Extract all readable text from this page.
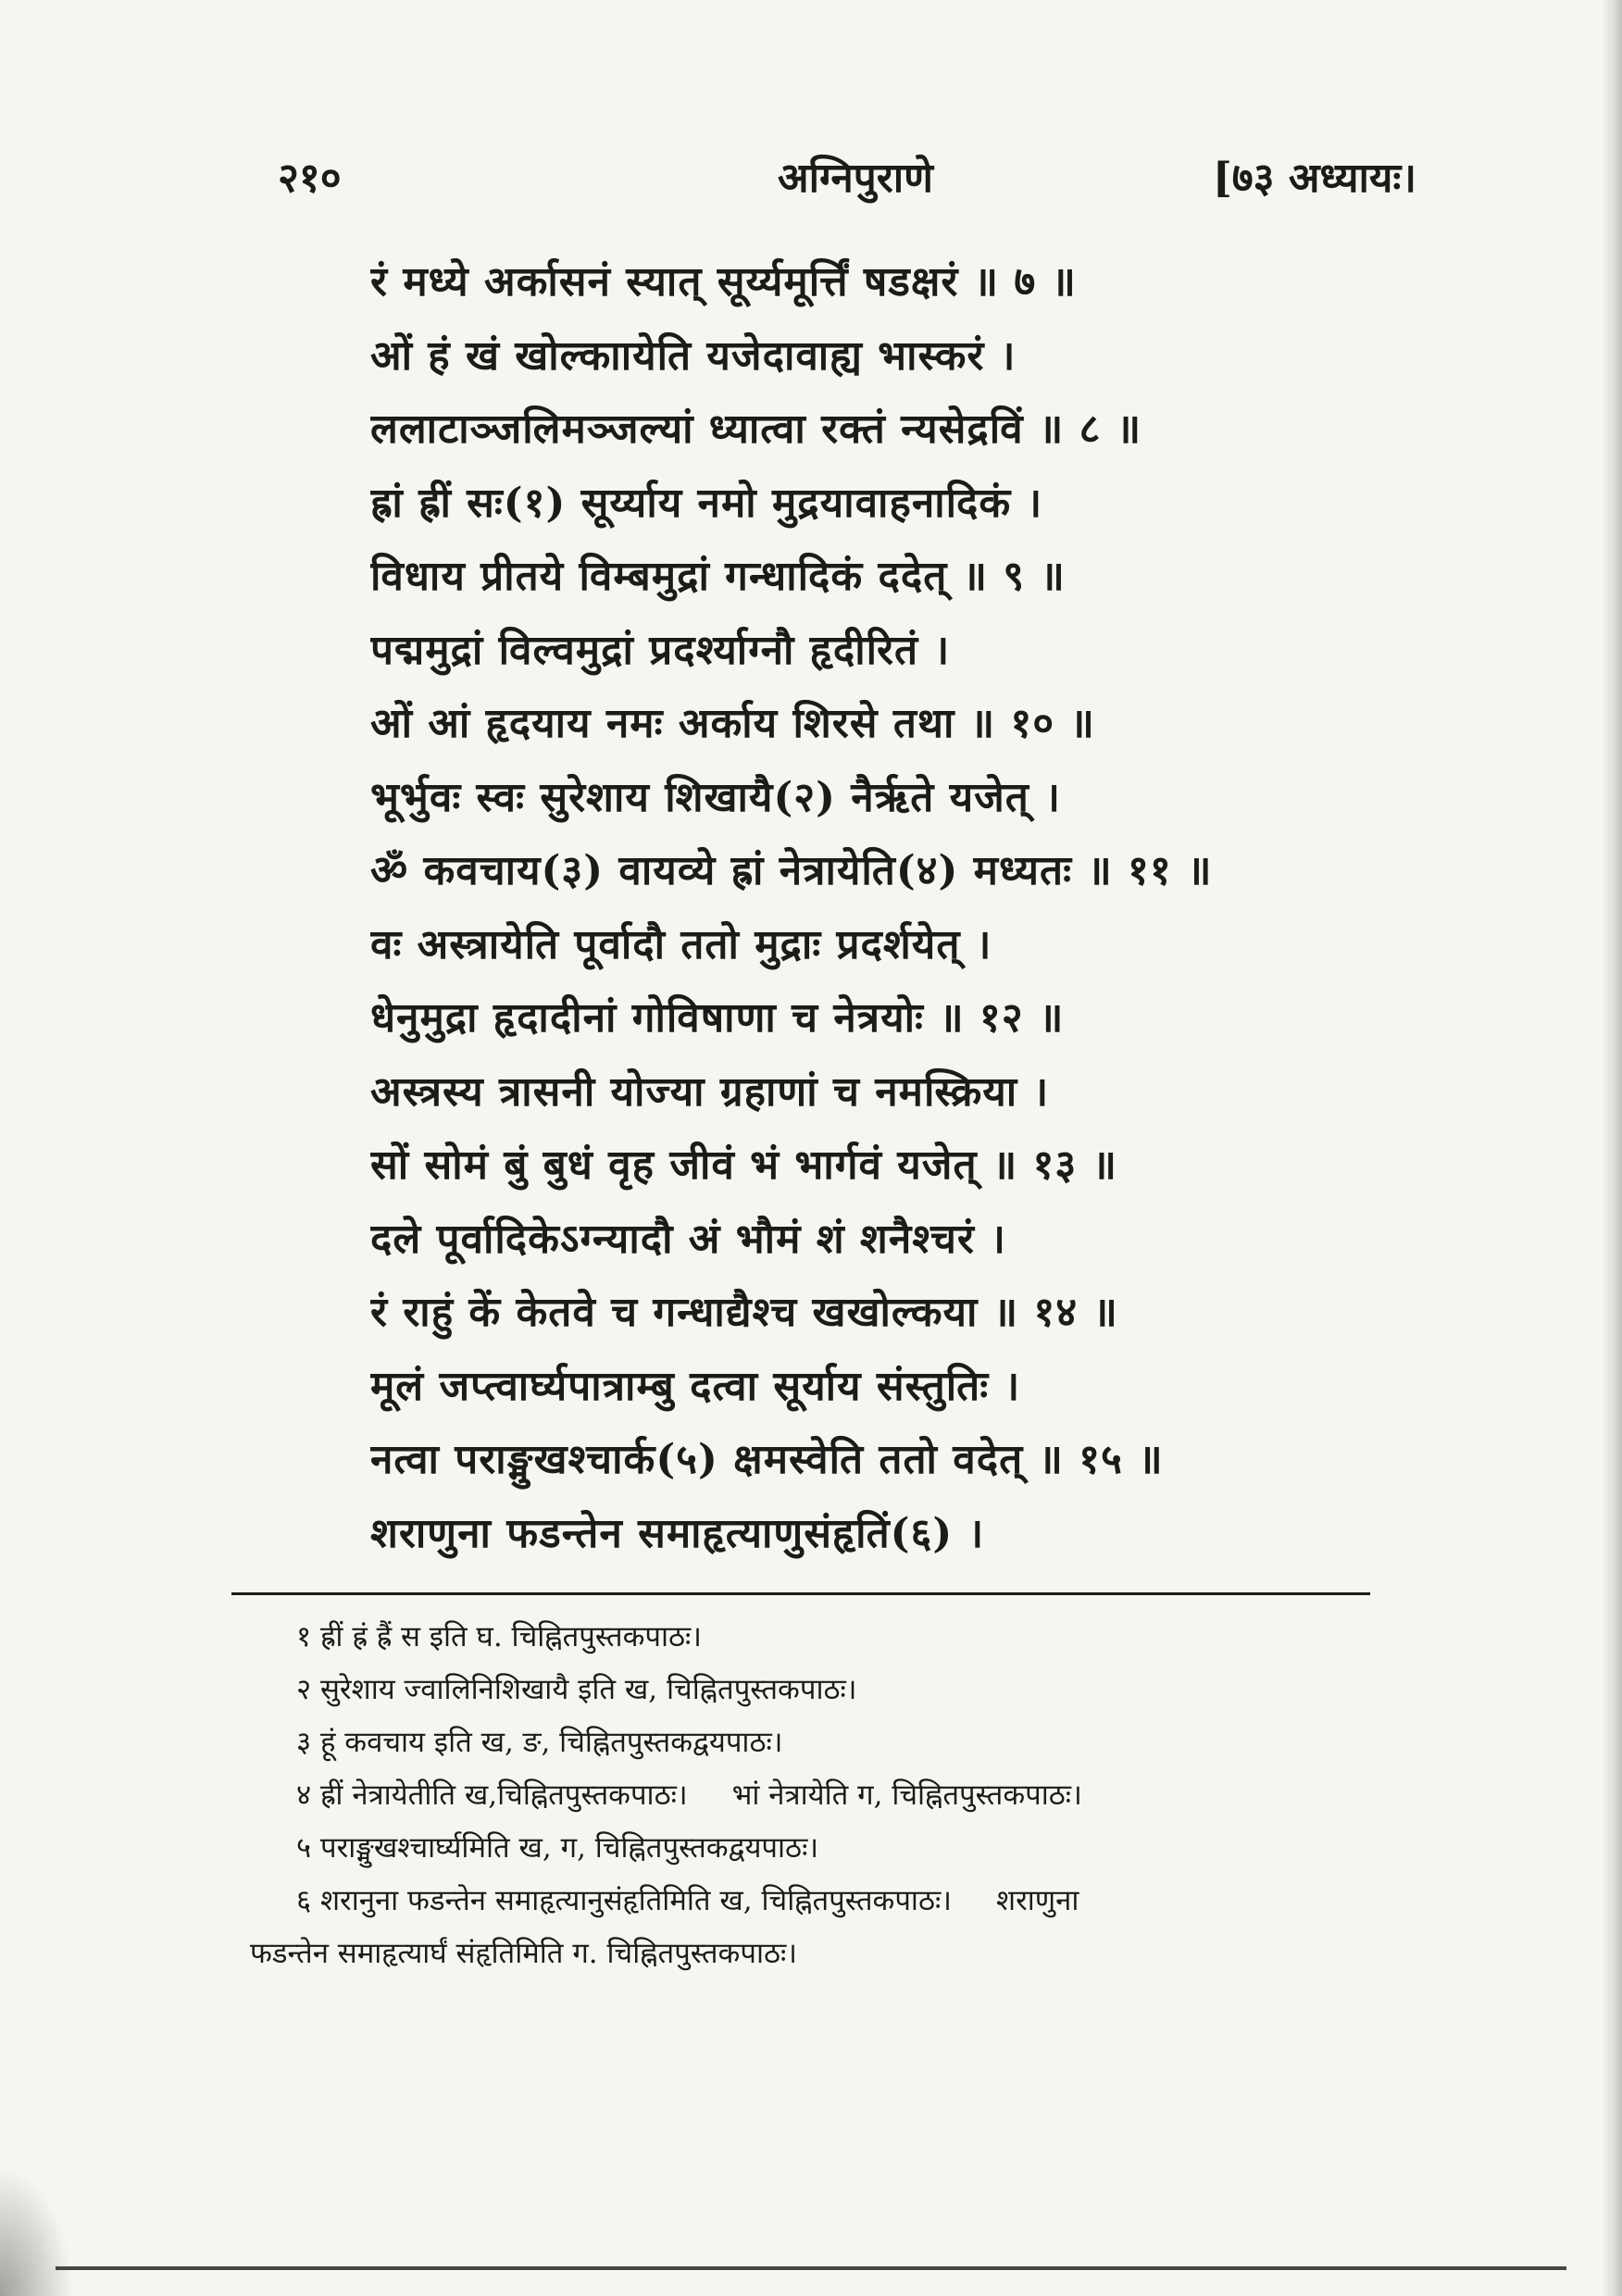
२१०	अग्निपुराणे	[७३ अध्यायः।
रं मध्ये अर्कासनं स्यात् सूर्य्यमूर्त्तिं षडक्षरं ॥ ७ ॥
ओं हं खं खोल्काायेति यजेदावाह्य भास्करं ।
ललाटाञ्जलिमञ्जल्यां ध्यात्वा रक्तं न्यसेद्रविं ॥ ८ ॥
ह्रां ह्रीं सः(१) सूर्य्याय नमो मुद्रयावाहनादिकं ।
विधाय प्रीतये विम्बमुद्रां गन्धादिकं ददेत् ॥ ९ ॥
पद्ममुद्रां विल्वमुद्रां प्रदर्श्याग्नौ हृदीरितं ।
ओं आं हृदयाय नमः अर्काय शिरसे तथा ॥ १० ॥
भूर्भुवः स्वः सुरेशाय शिखायै(२) नैर्ऋते यजेत् ।
ॐ कवचाय(३) वायव्ये ह्रां नेत्रायेति(४) मध्यतः ॥ ११ ॥
वः अस्त्रायेति पूर्वादौ ततो मुद्राः प्रदर्शयेत् ।
धेनुमुद्रा हृदादीनां गोविषाणा च नेत्रयोः ॥ १२ ॥
अस्त्रस्य त्रासनी योज्या ग्रहाणां च नमस्क्रिया ।
सों सोमं बुं बुधं वृह जीवं भं भार्गवं यजेत् ॥ १३ ॥
दले पूर्वादिकेऽग्न्यादौ अं भौमं शं शनैश्चरं ।
रं राहुं कें केतवे च गन्धाद्यैश्च खखोल्कया ॥ १४ ॥
मूलं जप्त्वार्घ्यपात्राम्बु दत्वा सूर्याय संस्तुतिः ।
नत्वा पराङ्मुखश्चार्क(५) क्षमस्वेति ततो वदेत् ॥ १५ ॥
शराणुना फडन्तेन समाहृत्याणुसंहृतिं(६) ।
१ ह्रीं ह्रं ह्रैं स इति घ. चिह्नितपुस्तकपाठः।
२ सुरेशाय ज्वालिनिशिखायै इति ख, चिह्नितपुस्तकपाठः।
३ हूं कवचाय इति ख, ङ, चिह्नितपुस्तकद्वयपाठः।
४ ह्रीं नेत्रायेतीति ख,चिह्नितपुस्तकपाठः। भां नेत्रायेति ग, चिह्नितपुस्तकपाठः।
५ पराङ्मुखश्चार्घ्यमिति ख, ग, चिह्नितपुस्तकद्वयपाठः।
६ शरानुना फडन्तेन समाहृत्यानुसंहृतिमिति ख, चिह्नितपुस्तकपाठः। शराणुना
फडन्तेन समाहृत्यार्घं संहृतिमिति ग. चिह्नितपुस्तकपाठः।
